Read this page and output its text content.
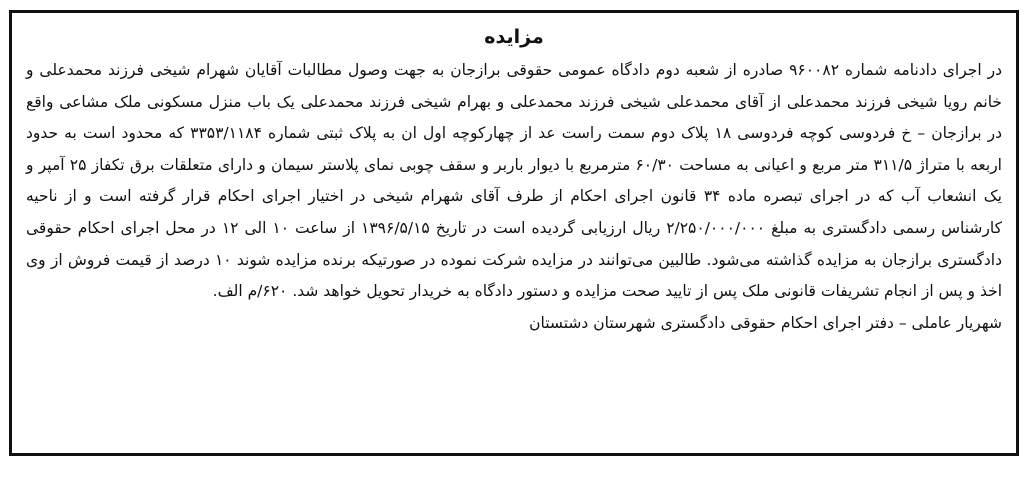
مزایده

در اجرای دادنامه شماره ۹۶۰۰۸۲ صادره از شعبه دوم دادگاه عمومی حقوقی برازجان به جهت وصول مطالبات آقایان شهرام شیخی فرزند محمدعلی و خانم رویا شیخی فرزند محمدعلی از آقای محمدعلی شیخی فرزند محمدعلی و بهرام شیخی فرزند محمدعلی یک باب منزل مسکونی ملک مشاعی واقع در برازجان – خ فردوسی کوچه فردوسی ۱۸ پلاک دوم سمت راست عد از چهارکوچه اول ان به پلاک ثبتی شماره ۳۳۵۳/۱۱۸۴ که محدود است به حدود اربعه با متراژ ۳۱۱/۵ متر مربع و اعیانی به مساحت ۶۰/۳۰ مترمربع با دیوار باربر و سقف چوبی نمای پلاستر سیمان و دارای متعلقات برق تکفاز ۲۵ آمپر و یک انشعاب آب که در اجرای تبصره ماده ۳۴ قانون اجرای احکام از طرف آقای شهرام شیخی در اختیار اجرای احکام قرار گرفته است و از ناحیه کارشناس رسمی دادگستری به مبلغ ۲/۲۵۰/۰۰۰/۰۰۰ ریال ارزیابی گردیده است در تاریخ ۱۳۹۶/۵/۱۵ از ساعت ۱۰ الی ۱۲ در محل اجرای احکام حقوقی دادگستری برازجان به مزایده گذاشته می‌شود. طالبین می‌توانند در مزایده شرکت نموده در صورتیکه برنده مزایده شوند ۱۰ درصد از قیمت فروش از وی اخذ و پس از انجام تشریفات قانونی ملک پس از تایید صحت مزایده و دستور دادگاه به خریدار تحویل خواهد شد. ۶۲۰/م الف.

شهریار عاملی – دفتر اجرای احکام حقوقی دادگستری شهرستان دشتستان
